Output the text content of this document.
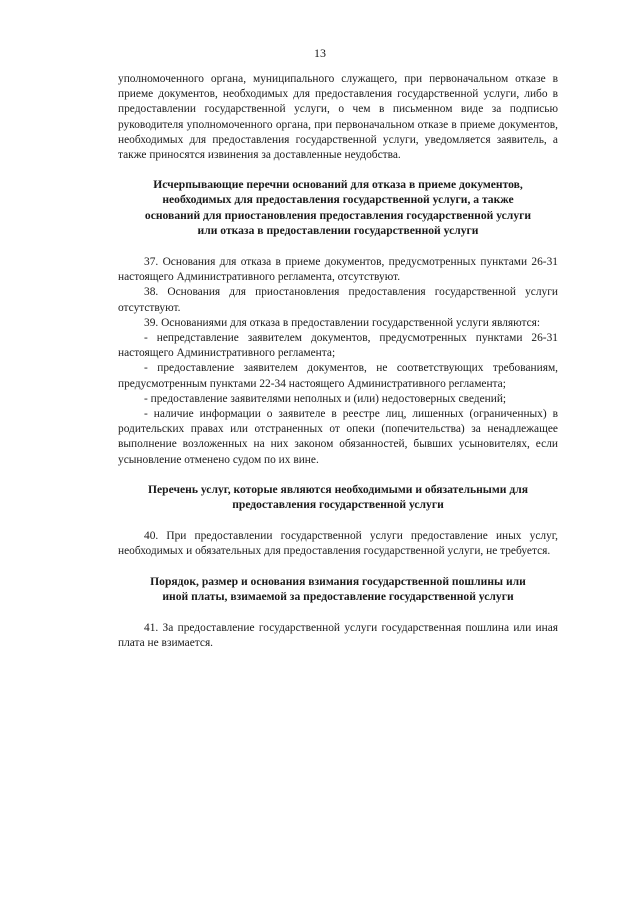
13

уполномоченного органа, муниципального служащего, при первоначальном отказе в приеме документов, необходимых для предоставления государственной услуги, либо в предоставлении государственной услуги, о чем в письменном виде за подписью руководителя уполномоченного органа, при первоначальном отказе в приеме документов, необходимых для предоставления государственной услуги, уведомляется заявитель, а также приносятся извинения за доставленные неудобства.

Исчерпывающие перечни оснований для отказа в приеме документов, необходимых для предоставления государственной услуги, а также оснований для приостановления предоставления государственной услуги или отказа в предоставлении государственной услуги

37. Основания для отказа в приеме документов, предусмотренных пунктами 26-31 настоящего Административного регламента, отсутствуют.

38. Основания для приостановления предоставления государственной услуги отсутствуют.

39. Основаниями для отказа в предоставлении государственной услуги являются:

- непредставление заявителем документов, предусмотренных пунктами 26-31 настоящего Административного регламента;

- предоставление заявителем документов, не соответствующих требованиям, предусмотренным пунктами 22-34 настоящего Административного регламента;

- предоставление заявителями неполных и (или) недостоверных сведений;

- наличие информации о заявителе в реестре лиц, лишенных (ограниченных) в родительских правах или отстраненных от опеки (попечительства) за ненадлежащее выполнение возложенных на них законом обязанностей, бывших усыновителях, если усыновление отменено судом по их вине.

Перечень услуг, которые являются необходимыми и обязательными для предоставления государственной услуги

40. При предоставлении государственной услуги предоставление иных услуг, необходимых и обязательных для предоставления государственной услуги, не требуется.

Порядок, размер и основания взимания государственной пошлины или иной платы, взимаемой за предоставление государственной услуги

41. За предоставление государственной услуги государственная пошлина или иная плата не взимается.
